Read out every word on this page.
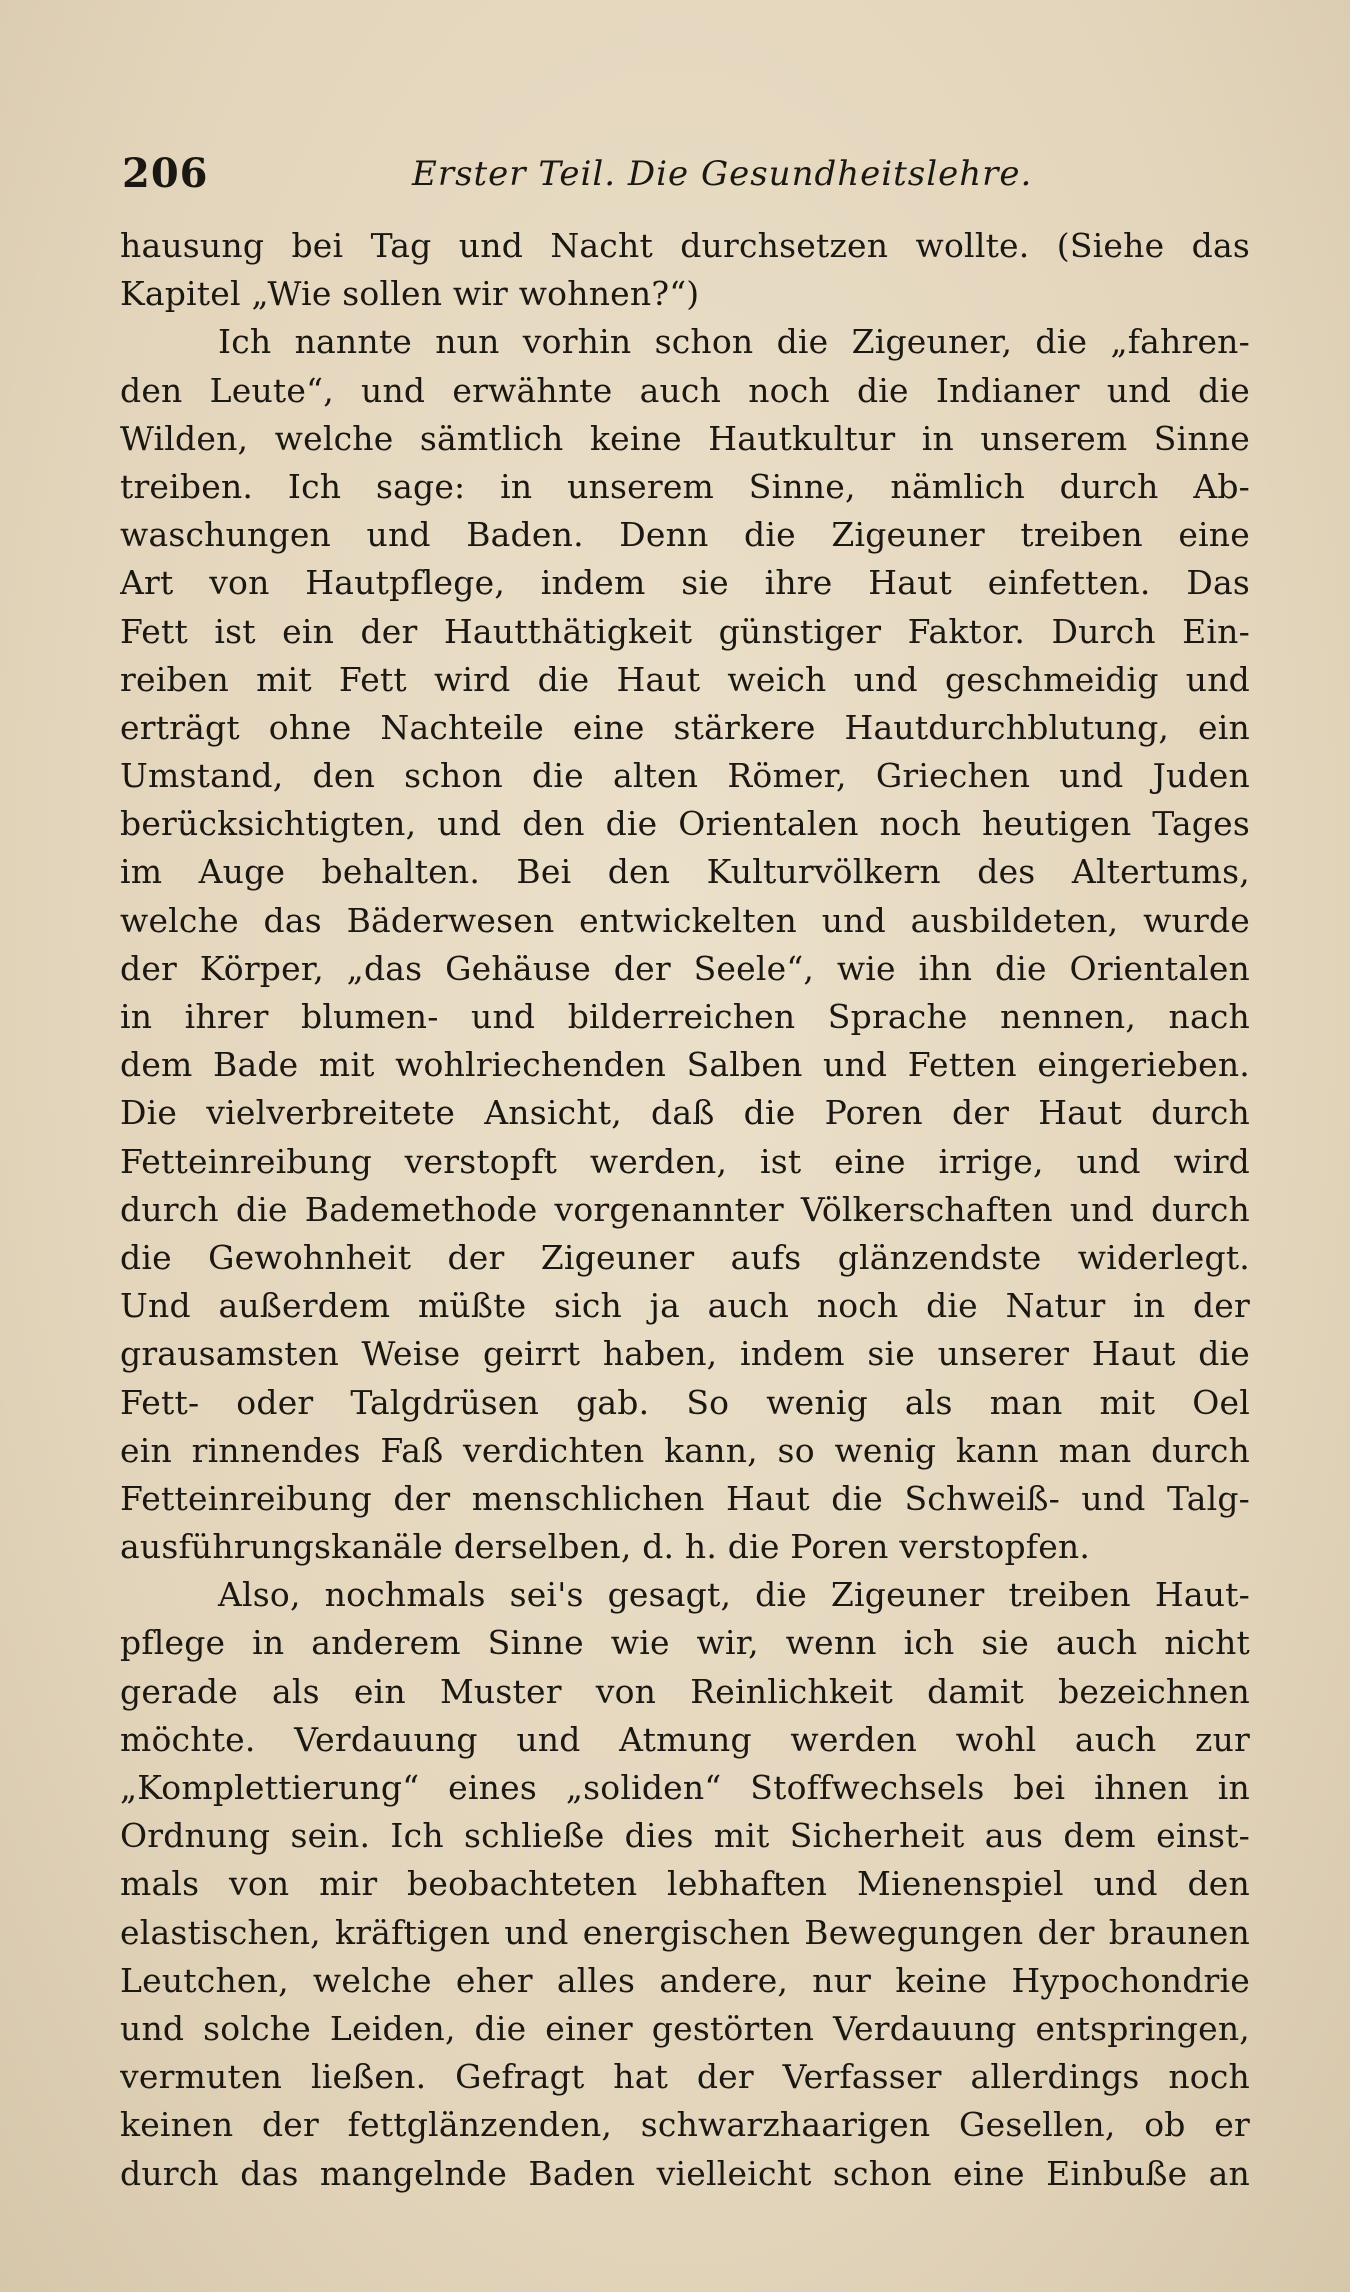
206	Erster Teil. Die Gesundheitslehre.
hausung bei Tag und Nacht durchsetzen wollte. (Siehe das
Kapitel „Wie sollen wir wohnen?“)
Ich nannte nun vorhin schon die Zigeuner, die „fahren-
den Leute“, und erwähnte auch noch die Indianer und die
Wilden, welche sämtlich keine Hautkultur in unserem Sinne
treiben. Ich sage: in unserem Sinne, nämlich durch Ab-
waschungen und Baden. Denn die Zigeuner treiben eine
Art von Hautpflege, indem sie ihre Haut einfetten. Das
Fett ist ein der Hautthätigkeit günstiger Faktor. Durch Ein-
reiben mit Fett wird die Haut weich und geschmeidig und
erträgt ohne Nachteile eine stärkere Hautdurchblutung, ein
Umstand, den schon die alten Römer, Griechen und Juden
berücksichtigten, und den die Orientalen noch heutigen Tages
im Auge behalten. Bei den Kulturvölkern des Altertums,
welche das Bäderwesen entwickelten und ausbildeten, wurde
der Körper, „das Gehäuse der Seele“, wie ihn die Orientalen
in ihrer blumen- und bilderreichen Sprache nennen, nach
dem Bade mit wohlriechenden Salben und Fetten eingerieben.
Die vielverbreitete Ansicht, daß die Poren der Haut durch
Fetteinreibung verstopft werden, ist eine irrige, und wird
durch die Bademethode vorgenannter Völkerschaften und durch
die Gewohnheit der Zigeuner aufs glänzendste widerlegt.
Und außerdem müßte sich ja auch noch die Natur in der
grausamsten Weise geirrt haben, indem sie unserer Haut die
Fett- oder Talgdrüsen gab. So wenig als man mit Oel
ein rinnendes Faß verdichten kann, so wenig kann man durch
Fetteinreibung der menschlichen Haut die Schweiß- und Talg-
ausführungskanäle derselben, d. h. die Poren verstopfen.
Also, nochmals sei's gesagt, die Zigeuner treiben Haut-
pflege in anderem Sinne wie wir, wenn ich sie auch nicht
gerade als ein Muster von Reinlichkeit damit bezeichnen
möchte. Verdauung und Atmung werden wohl auch zur
„Komplettierung“ eines „soliden“ Stoffwechsels bei ihnen in
Ordnung sein. Ich schließe dies mit Sicherheit aus dem einst-
mals von mir beobachteten lebhaften Mienenspiel und den
elastischen, kräftigen und energischen Bewegungen der braunen
Leutchen, welche eher alles andere, nur keine Hypochondrie
und solche Leiden, die einer gestörten Verdauung entspringen,
vermuten ließen. Gefragt hat der Verfasser allerdings noch
keinen der fettglänzenden, schwarzhaarigen Gesellen, ob er
durch das mangelnde Baden vielleicht schon eine Einbuße an
